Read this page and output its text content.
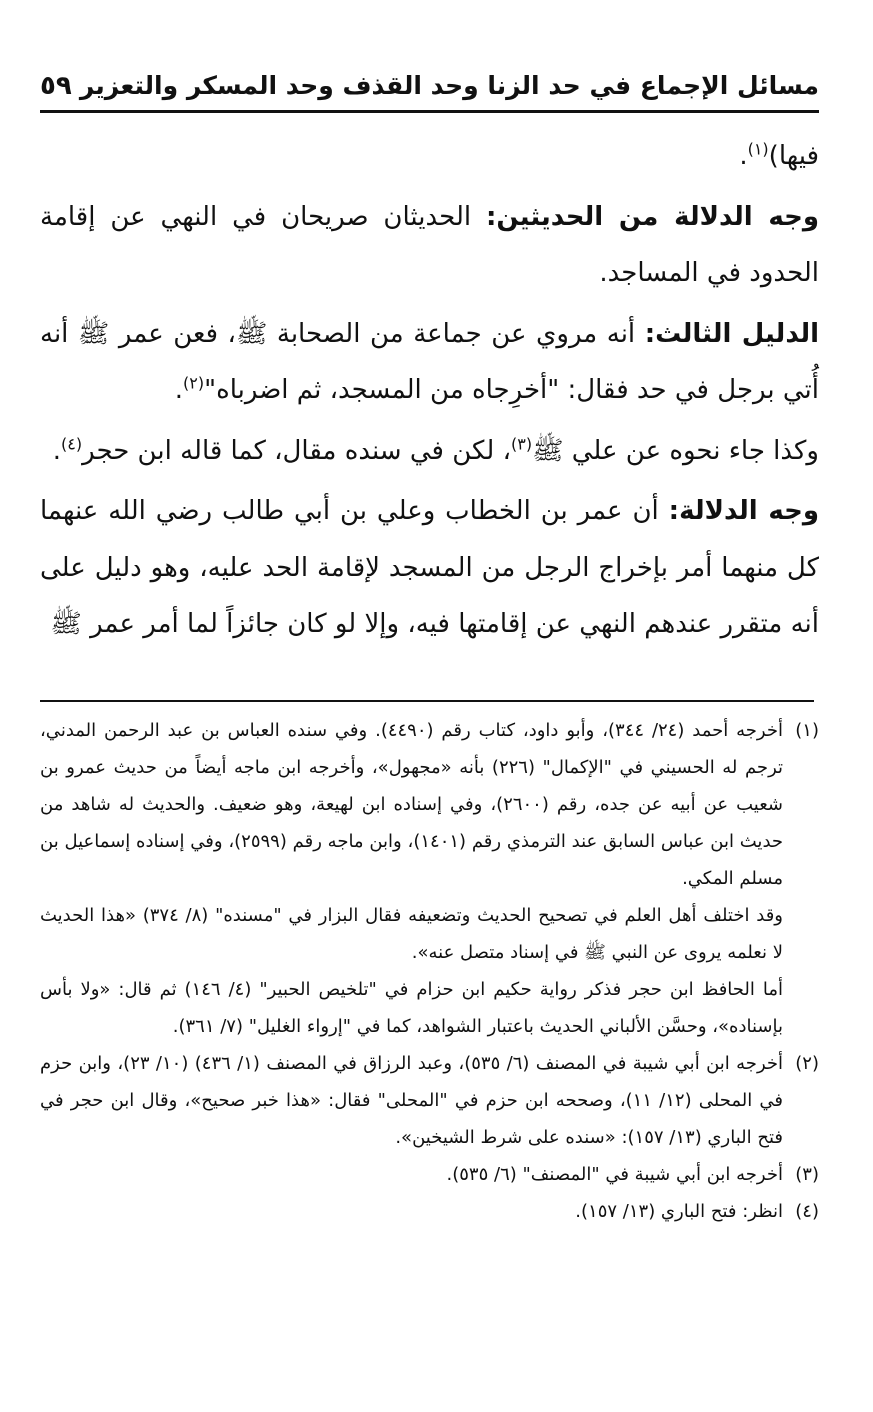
مسائل الإجماع في حد الزنا وحد القذف وحد المسكر والتعزير
٥٩

فيها)$^{(١)}$.

وجه الدلالة من الحديثين: الحديثان صريحان في النهي عن إقامة الحدود في المساجد.

الدليل الثالث: أنه مروي عن جماعة من الصحابة ﷺ، فعن عمر ﷺ أنه أُتي برجل في حد فقال: "أخرِجاه من المسجد، ثم اضرباه"$^{(٢)}$.

وكذا جاء نحوه عن علي ﷺ$^{(٣)}$، لكن في سنده مقال، كما قاله ابن حجر$^{(٤)}$.

وجه الدلالة: أن عمر بن الخطاب وعلي بن أبي طالب رضي الله عنهما كل منهما أمر بإخراج الرجل من المسجد لإقامة الحد عليه، وهو دليل على أنه متقرر عندهم النهي عن إقامتها فيه، وإلا لو كان جائزاً لما أمر عمر ﷺ

(١)

أخرجه أحمد (٢٤/ ٣٤٤)، وأبو داود، كتاب رقم (٤٤٩٠). وفي سنده العباس بن عبد الرحمن المدني، ترجم له الحسيني في "الإكمال" (٢٢٦) بأنه «مجهول»، وأخرجه ابن ماجه أيضاً من حديث عمرو بن شعيب عن أبيه عن جده، رقم (٢٦٠٠)، وفي إسناده ابن لهيعة، وهو ضعيف. والحديث له شاهد من حديث ابن عباس السابق عند الترمذي رقم (١٤٠١)، وابن ماجه رقم (٢٥٩٩)، وفي إسناده إسماعيل بن مسلم المكي.

وقد اختلف أهل العلم في تصحيح الحديث وتضعيفه فقال البزار في "مسنده" (٨/ ٣٧٤) «هذا الحديث لا نعلمه يروى عن النبي ﷺ في إسناد متصل عنه».

أما الحافظ ابن حجر فذكر رواية حكيم ابن حزام في "تلخيص الحبير" (٤/ ١٤٦) ثم قال: «ولا بأس بإسناده»، وحسَّن الألباني الحديث باعتبار الشواهد، كما في "إرواء الغليل" (٧/ ٣٦١).

(٢)

أخرجه ابن أبي شيبة في المصنف (٦/ ٥٣٥)، وعبد الرزاق في المصنف (١/ ٤٣٦) (١٠/ ٢٣)، وابن حزم في المحلى (١٢/ ١١)، وصححه ابن حزم في "المحلى" فقال: «هذا خبر صحيح»، وقال ابن حجر في فتح الباري (١٣/ ١٥٧): «سنده على شرط الشيخين».

(٣)

أخرجه ابن أبي شيبة في "المصنف" (٦/ ٥٣٥).

(٤)

انظر: فتح الباري (١٣/ ١٥٧).
